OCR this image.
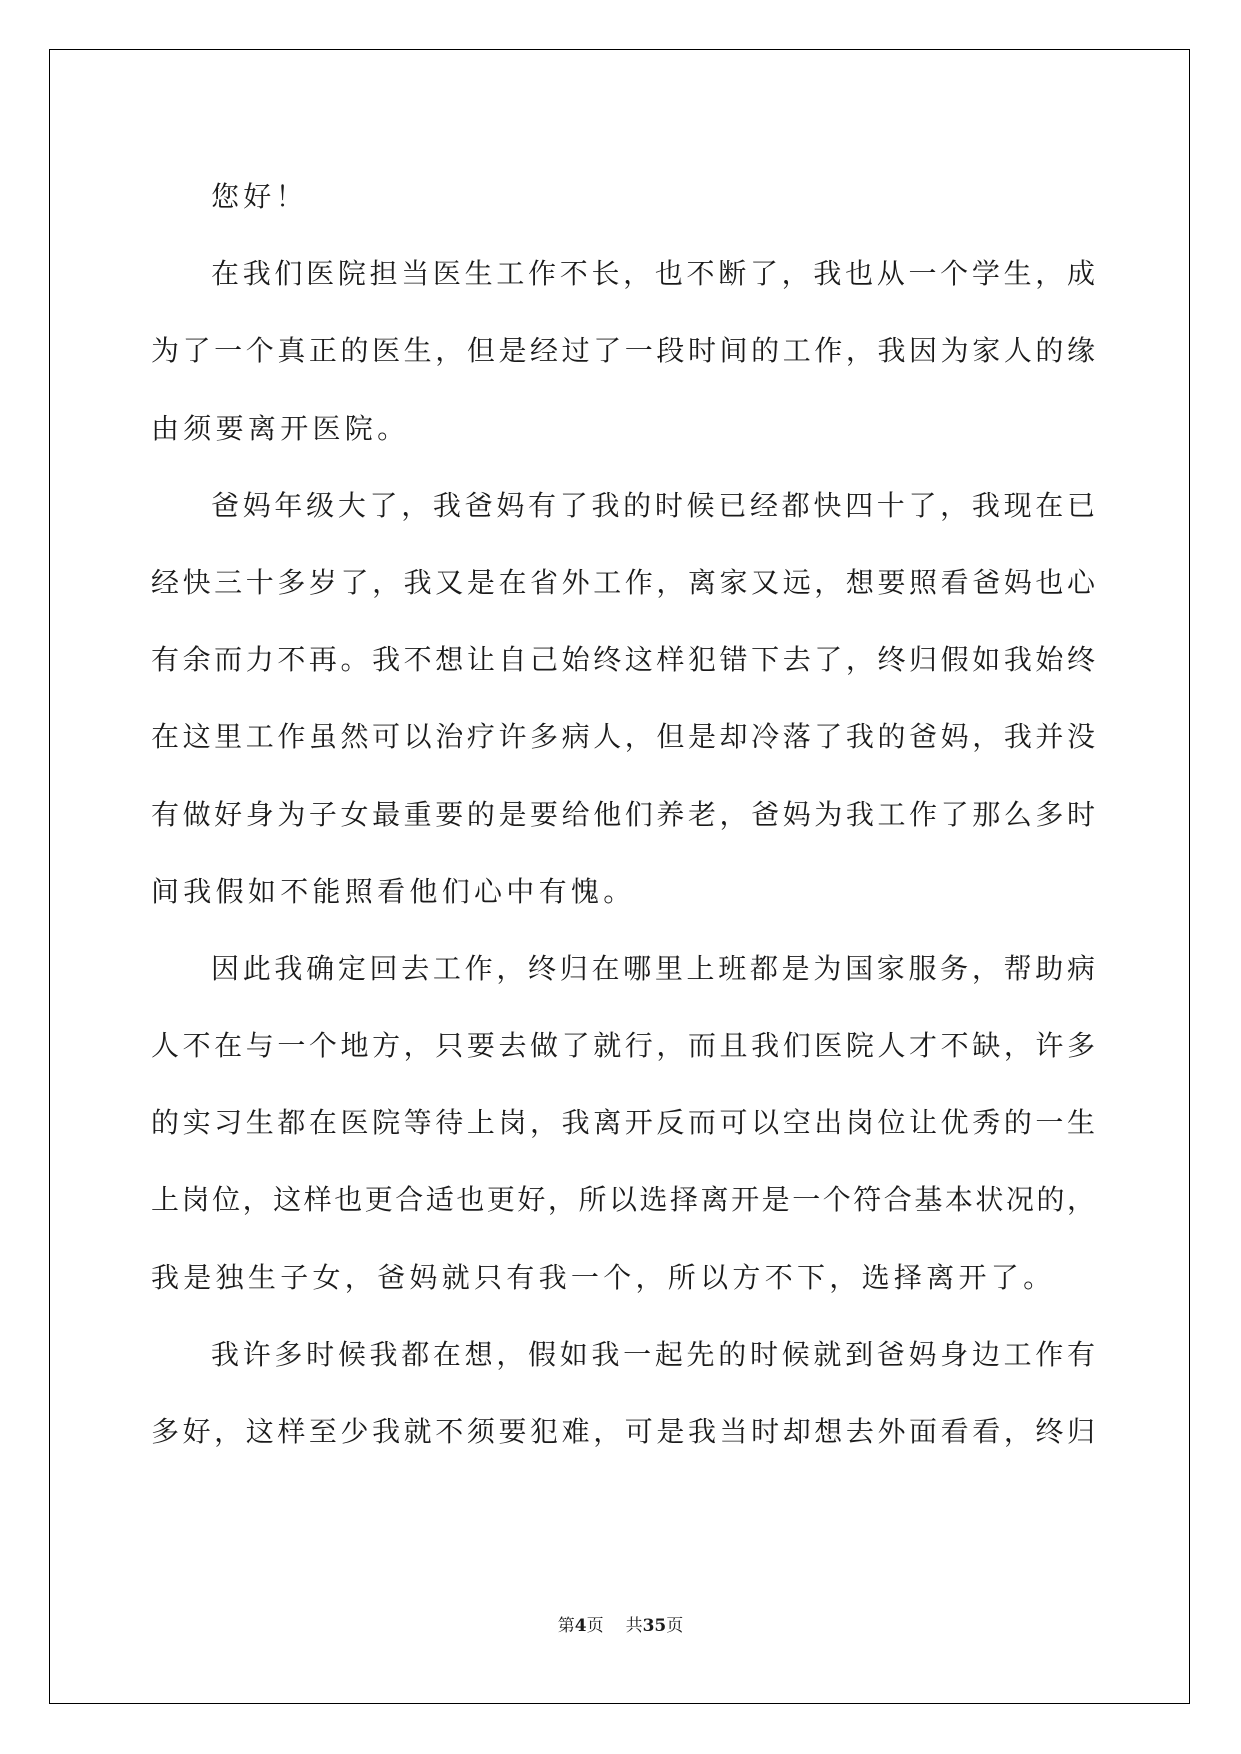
您好！
在我们医院担当医生工作不长，也不断了，我也从一个学生，成
为了一个真正的医生，但是经过了一段时间的工作，我因为家人的缘
由须要离开医院。
爸妈年级大了，我爸妈有了我的时候已经都快四十了，我现在已
经快三十多岁了，我又是在省外工作，离家又远，想要照看爸妈也心
有余而力不再。我不想让自己始终这样犯错下去了，终归假如我始终
在这里工作虽然可以治疗许多病人，但是却冷落了我的爸妈，我并没
有做好身为子女最重要的是要给他们养老，爸妈为我工作了那么多时
间我假如不能照看他们心中有愧。
因此我确定回去工作，终归在哪里上班都是为国家服务，帮助病
人不在与一个地方，只要去做了就行，而且我们医院人才不缺，许多
的实习生都在医院等待上岗，我离开反而可以空出岗位让优秀的一生
上岗位，这样也更合适也更好，所以选择离开是一个符合基本状况的，
我是独生子女，爸妈就只有我一个，所以方不下，选择离开了。
我许多时候我都在想，假如我一起先的时候就到爸妈身边工作有
多好，这样至少我就不须要犯难，可是我当时却想去外面看看，终归
第4页 共35页
